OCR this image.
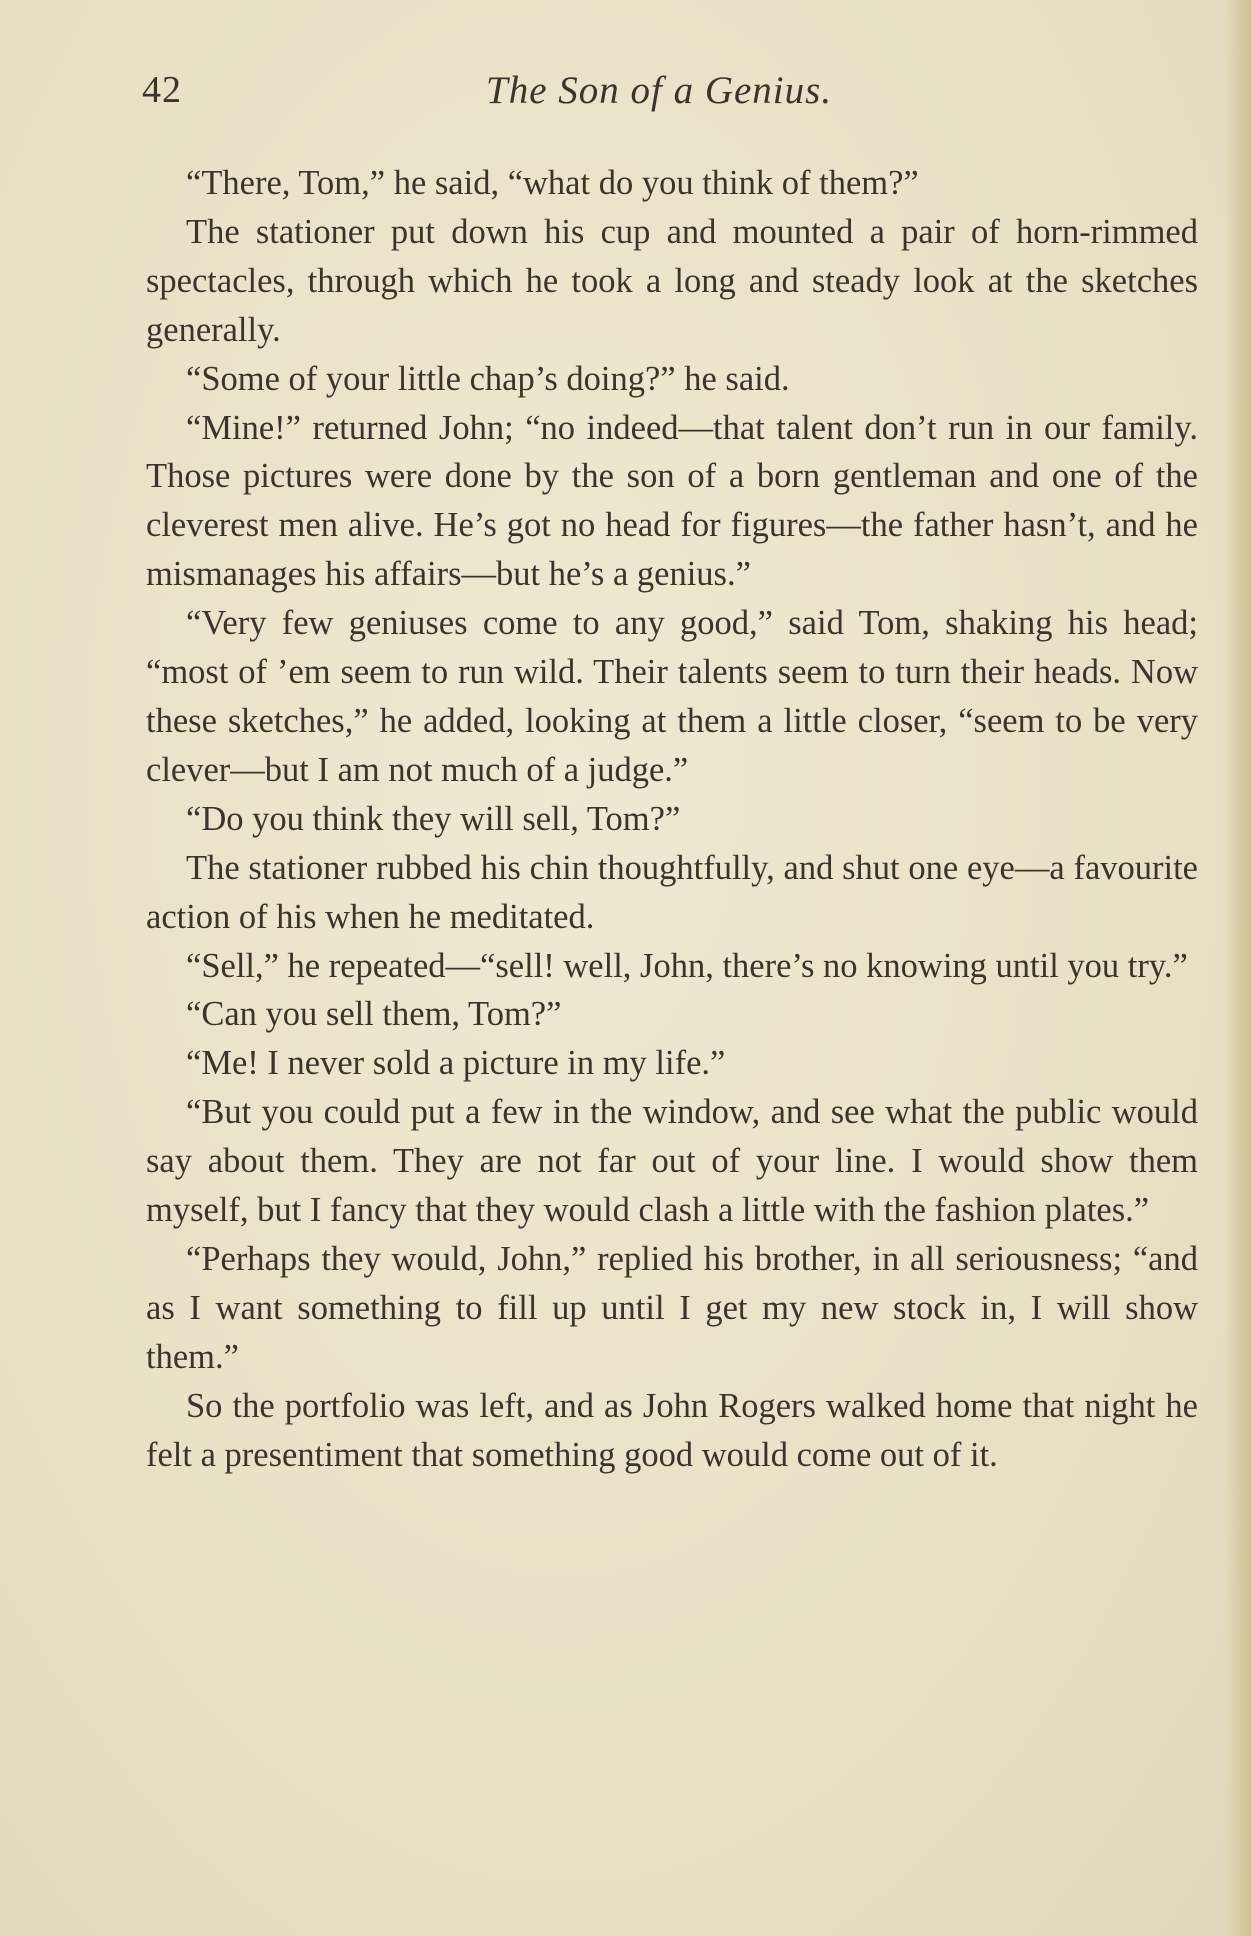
42	The Son of a Genius.

“There, Tom,” he said, “what do you think of them?”

The stationer put down his cup and mounted a pair of horn-rimmed spectacles, through which he took a long and steady look at the sketches generally.

“Some of your little chap’s doing?” he said.

“Mine!” returned John; “no indeed—that talent don’t run in our family. Those pictures were done by the son of a born gentleman and one of the cleverest men alive. He’s got no head for figures—the father hasn’t, and he mismanages his affairs—but he’s a genius.”

“Very few geniuses come to any good,” said Tom, shaking his head; “most of ’em seem to run wild. Their talents seem to turn their heads. Now these sketches,” he added, looking at them a little closer, “seem to be very clever—but I am not much of a judge.”

“Do you think they will sell, Tom?”

The stationer rubbed his chin thoughtfully, and shut one eye—a favourite action of his when he meditated.

“Sell,” he repeated—“sell! well, John, there’s no knowing until you try.”

“Can you sell them, Tom?”

“Me! I never sold a picture in my life.”

“But you could put a few in the window, and see what the public would say about them. They are not far out of your line. I would show them myself, but I fancy that they would clash a little with the fashion plates.”

“Perhaps they would, John,” replied his brother, in all seriousness; “and as I want something to fill up until I get my new stock in, I will show them.”

So the portfolio was left, and as John Rogers walked home that night he felt a presentiment that something good would come out of it.
